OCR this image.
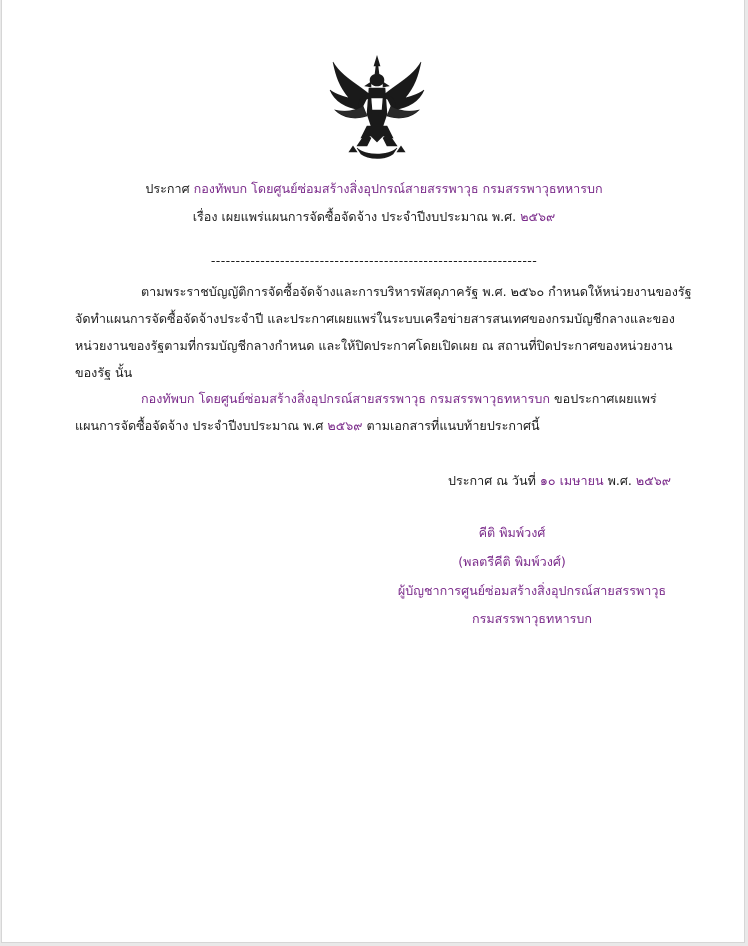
ประกาศ กองทัพบก โดยศูนย์ซ่อมสร้างสิ่งอุปกรณ์สายสรรพาวุธ กรมสรรพาวุธทหารบก
เรื่อง เผยแพร่แผนการจัดซื้อจัดจ้าง ประจำปีงบประมาณ พ.ศ. ๒๕๖๙
------------------------------------------------------------------
ตามพระราชบัญญัติการจัดซื้อจัดจ้างและการบริหารพัสดุภาครัฐ พ.ศ. ๒๕๖๐ กำหนดให้หน่วยงานของรัฐ
จัดทำแผนการจัดซื้อจัดจ้างประจำปี และประกาศเผยแพร่ในระบบเครือข่ายสารสนเทศของกรมบัญชีกลางและของ
หน่วยงานของรัฐตามที่กรมบัญชีกลางกำหนด และให้ปิดประกาศโดยเปิดเผย ณ สถานที่ปิดประกาศของหน่วยงาน
ของรัฐ นั้น
กองทัพบก โดยศูนย์ซ่อมสร้างสิ่งอุปกรณ์สายสรรพาวุธ กรมสรรพาวุธทหารบก ขอประกาศเผยแพร่
แผนการจัดซื้อจัดจ้าง ประจำปีงบประมาณ พ.ศ ๒๕๖๙ ตามเอกสารที่แนบท้ายประกาศนี้
ประกาศ ณ วันที่ ๑๐ เมษายน พ.ศ. ๒๕๖๙
คีติ พิมพ์วงศ์
(พลตรีคีติ พิมพ์วงศ์)
ผู้บัญชาการศูนย์ซ่อมสร้างสิ่งอุปกรณ์สายสรรพาวุธ
กรมสรรพาวุธทหารบก
